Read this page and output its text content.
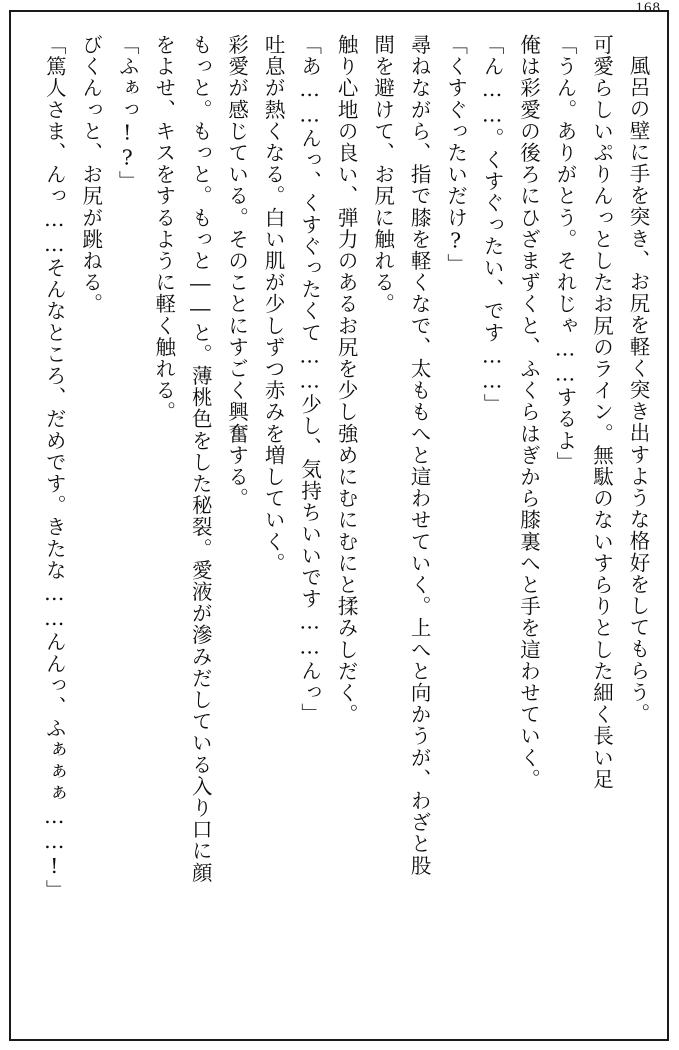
168

風呂の壁に手を突き、お尻を軽く突き出すような格好をしてもらう。

可愛らしいぷりんっとしたお尻のライン。無駄のないすらりとした細く長い足

「うん。ありがとう。それじゃ……するよ」

俺は彩愛の後ろにひざまずくと、ふくらはぎから膝裏へと手を這わせていく。

「ん……。くすぐったい、です……」

「くすぐったいだけ?」

尋ねながら、指で膝を軽くなで、太ももへと這わせていく。上へと向かうが、わざと股

間を避けて、お尻に触れる。

触り心地の良い、弾力のあるお尻を少し強めにむにむにと揉みしだく。

「あ……んっ、くすぐったくて……少し、気持ちいいです……んっ」

吐息が熱くなる。白い肌が少しずつ赤みを増していく。

彩愛が感じている。そのことにすごく興奮する。

もっと。もっと。もっと――と。薄桃色をした秘裂。愛液が滲みだしている入り口に顔

をよせ、キスをするように軽く触れる。

「ふぁっ!?」

びくんっと、お尻が跳ねる。

「篤人さま、んっ……そんなところ、だめです。きたな……んんっ、ふぁぁぁ……!」
